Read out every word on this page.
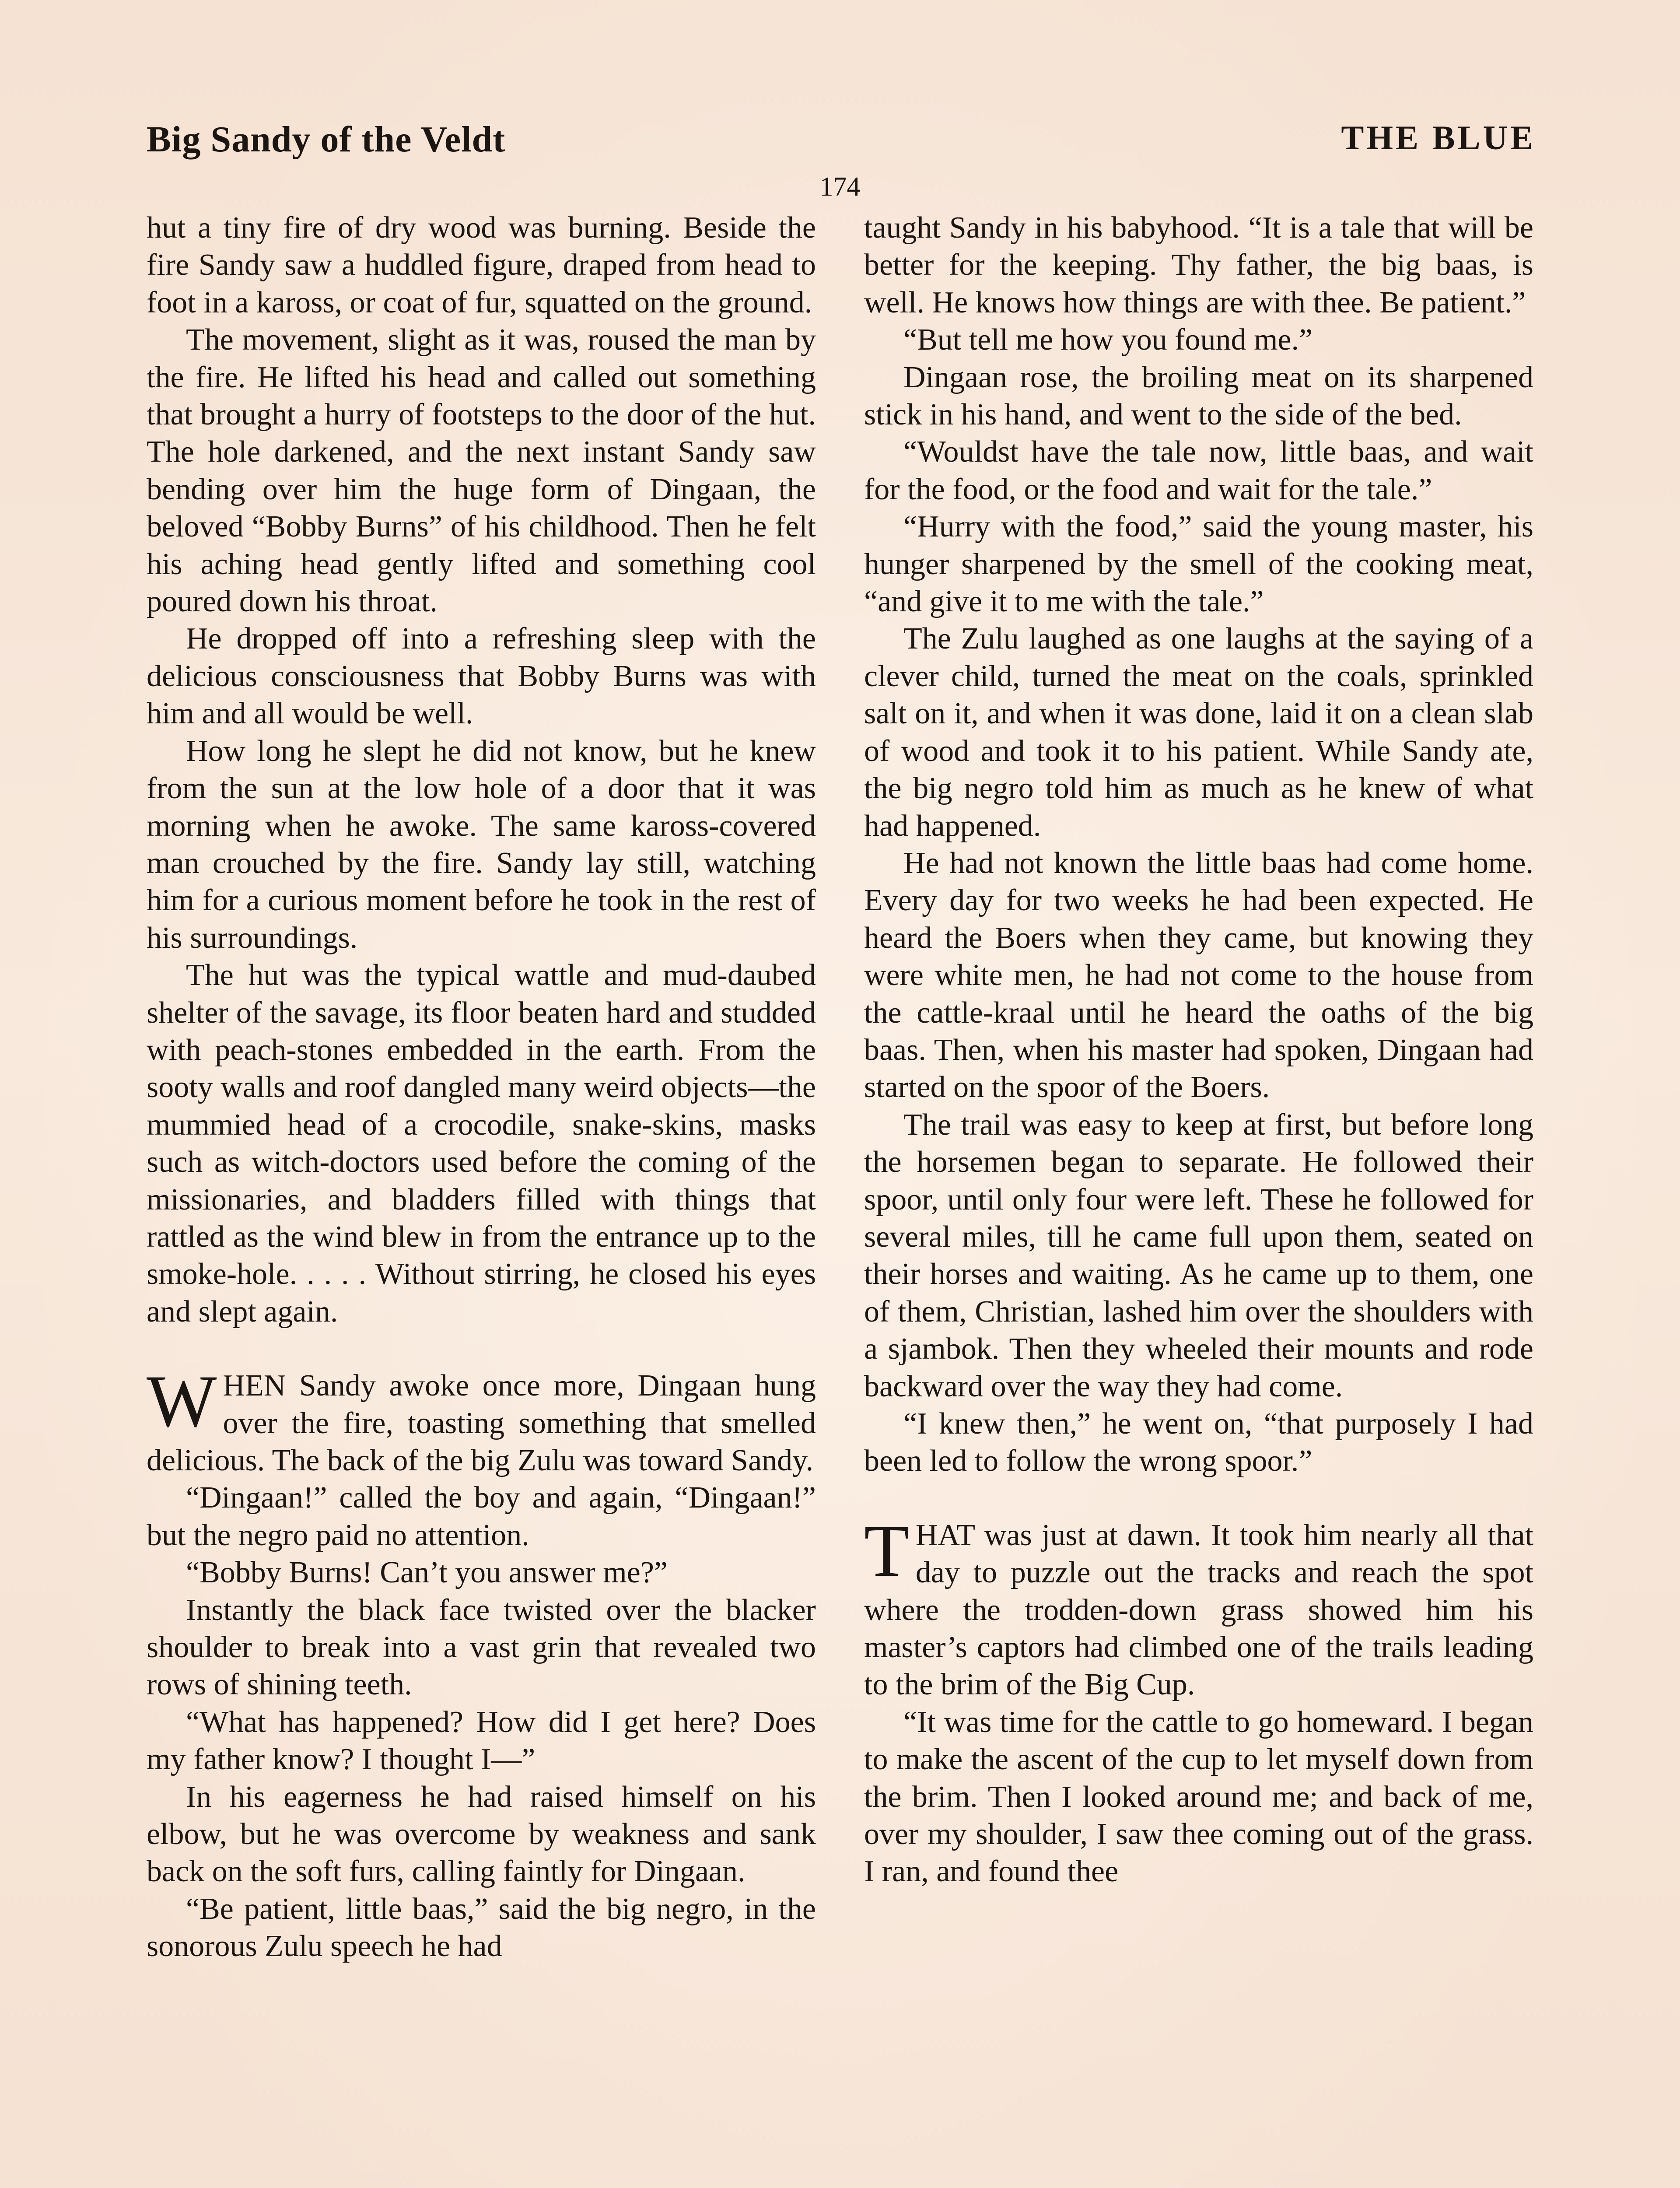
Big Sandy of the Veldt	THE BLUE
174

hut a tiny fire of dry wood was burning. Beside the fire Sandy saw a huddled figure, draped from head to foot in a kaross, or coat of fur, squatted on the ground.

The movement, slight as it was, roused the man by the fire. He lifted his head and called out something that brought a hurry of footsteps to the door of the hut. The hole darkened, and the next instant Sandy saw bending over him the huge form of Dingaan, the beloved “Bobby Burns” of his childhood. Then he felt his aching head gently lifted and something cool poured down his throat.

He dropped off into a refreshing sleep with the delicious consciousness that Bobby Burns was with him and all would be well.

How long he slept he did not know, but he knew from the sun at the low hole of a door that it was morning when he awoke. The same kaross-covered man crouched by the fire. Sandy lay still, watching him for a curious moment before he took in the rest of his surroundings.

The hut was the typical wattle and mud-daubed shelter of the savage, its floor beaten hard and studded with peach-stones embedded in the earth. From the sooty walls and roof dangled many weird objects—the mummied head of a crocodile, snake-skins, masks such as witch-doctors used before the coming of the missionaries, and bladders filled with things that rattled as the wind blew in from the entrance up to the smoke-hole. . . . . Without stirring, he closed his eyes and slept again.

WHEN Sandy awoke once more, Dingaan hung over the fire, toasting something that smelled delicious. The back of the big Zulu was toward Sandy.

“Dingaan!” called the boy and again, “Dingaan!” but the negro paid no attention.

“Bobby Burns! Can’t you answer me?”

Instantly the black face twisted over the blacker shoulder to break into a vast grin that revealed two rows of shining teeth.

“What has happened? How did I get here? Does my father know? I thought I—”

In his eagerness he had raised himself on his elbow, but he was overcome by weakness and sank back on the soft furs, calling faintly for Dingaan.

“Be patient, little baas,” said the big negro, in the sonorous Zulu speech he had

taught Sandy in his babyhood. “It is a tale that will be better for the keeping. Thy father, the big baas, is well. He knows how things are with thee. Be patient.”

“But tell me how you found me.”

Dingaan rose, the broiling meat on its sharpened stick in his hand, and went to the side of the bed.

“Wouldst have the tale now, little baas, and wait for the food, or the food and wait for the tale.”

“Hurry with the food,” said the young master, his hunger sharpened by the smell of the cooking meat, “and give it to me with the tale.”

The Zulu laughed as one laughs at the saying of a clever child, turned the meat on the coals, sprinkled salt on it, and when it was done, laid it on a clean slab of wood and took it to his patient. While Sandy ate, the big negro told him as much as he knew of what had happened.

He had not known the little baas had come home. Every day for two weeks he had been expected. He heard the Boers when they came, but knowing they were white men, he had not come to the house from the cattle-kraal until he heard the oaths of the big baas. Then, when his master had spoken, Dingaan had started on the spoor of the Boers.

The trail was easy to keep at first, but before long the horsemen began to separate. He followed their spoor, until only four were left. These he followed for several miles, till he came full upon them, seated on their horses and waiting. As he came up to them, one of them, Christian, lashed him over the shoulders with a sjambok. Then they wheeled their mounts and rode backward over the way they had come.

“I knew then,” he went on, “that purposely I had been led to follow the wrong spoor.”

THAT was just at dawn. It took him nearly all that day to puzzle out the tracks and reach the spot where the trodden-down grass showed him his master’s captors had climbed one of the trails leading to the brim of the Big Cup.

“It was time for the cattle to go homeward. I began to make the ascent of the cup to let myself down from the brim. Then I looked around me; and back of me, over my shoulder, I saw thee coming out of the grass. I ran, and found thee
